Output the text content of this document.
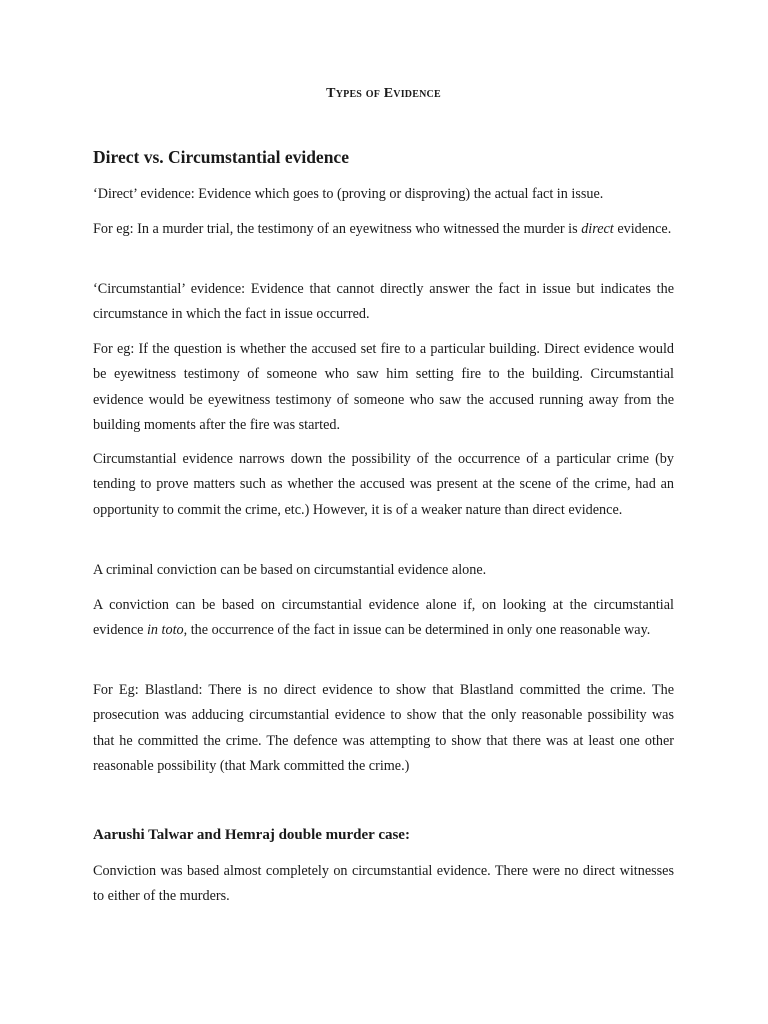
Types of Evidence
Direct vs. Circumstantial evidence

‘Direct’ evidence: Evidence which goes to (proving or disproving) the actual fact in issue.

For eg: In a murder trial, the testimony of an eyewitness who witnessed the murder is direct evidence.

‘Circumstantial’ evidence: Evidence that cannot directly answer the fact in issue but indicates the circumstance in which the fact in issue occurred.

For eg: If the question is whether the accused set fire to a particular building. Direct evidence would be eyewitness testimony of someone who saw him setting fire to the building. Circumstantial evidence would be eyewitness testimony of someone who saw the accused running away from the building moments after the fire was started.

Circumstantial evidence narrows down the possibility of the occurrence of a particular crime (by tending to prove matters such as whether the accused was present at the scene of the crime, had an opportunity to commit the crime, etc.) However, it is of a weaker nature than direct evidence.

A criminal conviction can be based on circumstantial evidence alone.

A conviction can be based on circumstantial evidence alone if, on looking at the circumstantial evidence in toto, the occurrence of the fact in issue can be determined in only one reasonable way.

For Eg: Blastland: There is no direct evidence to show that Blastland committed the crime. The prosecution was adducing circumstantial evidence to show that the only reasonable possibility was that he committed the crime. The defence was attempting to show that there was at least one other reasonable possibility (that Mark committed the crime.)

Aarushi Talwar and Hemraj double murder case:

Conviction was based almost completely on circumstantial evidence. There were no direct witnesses to either of the murders.
